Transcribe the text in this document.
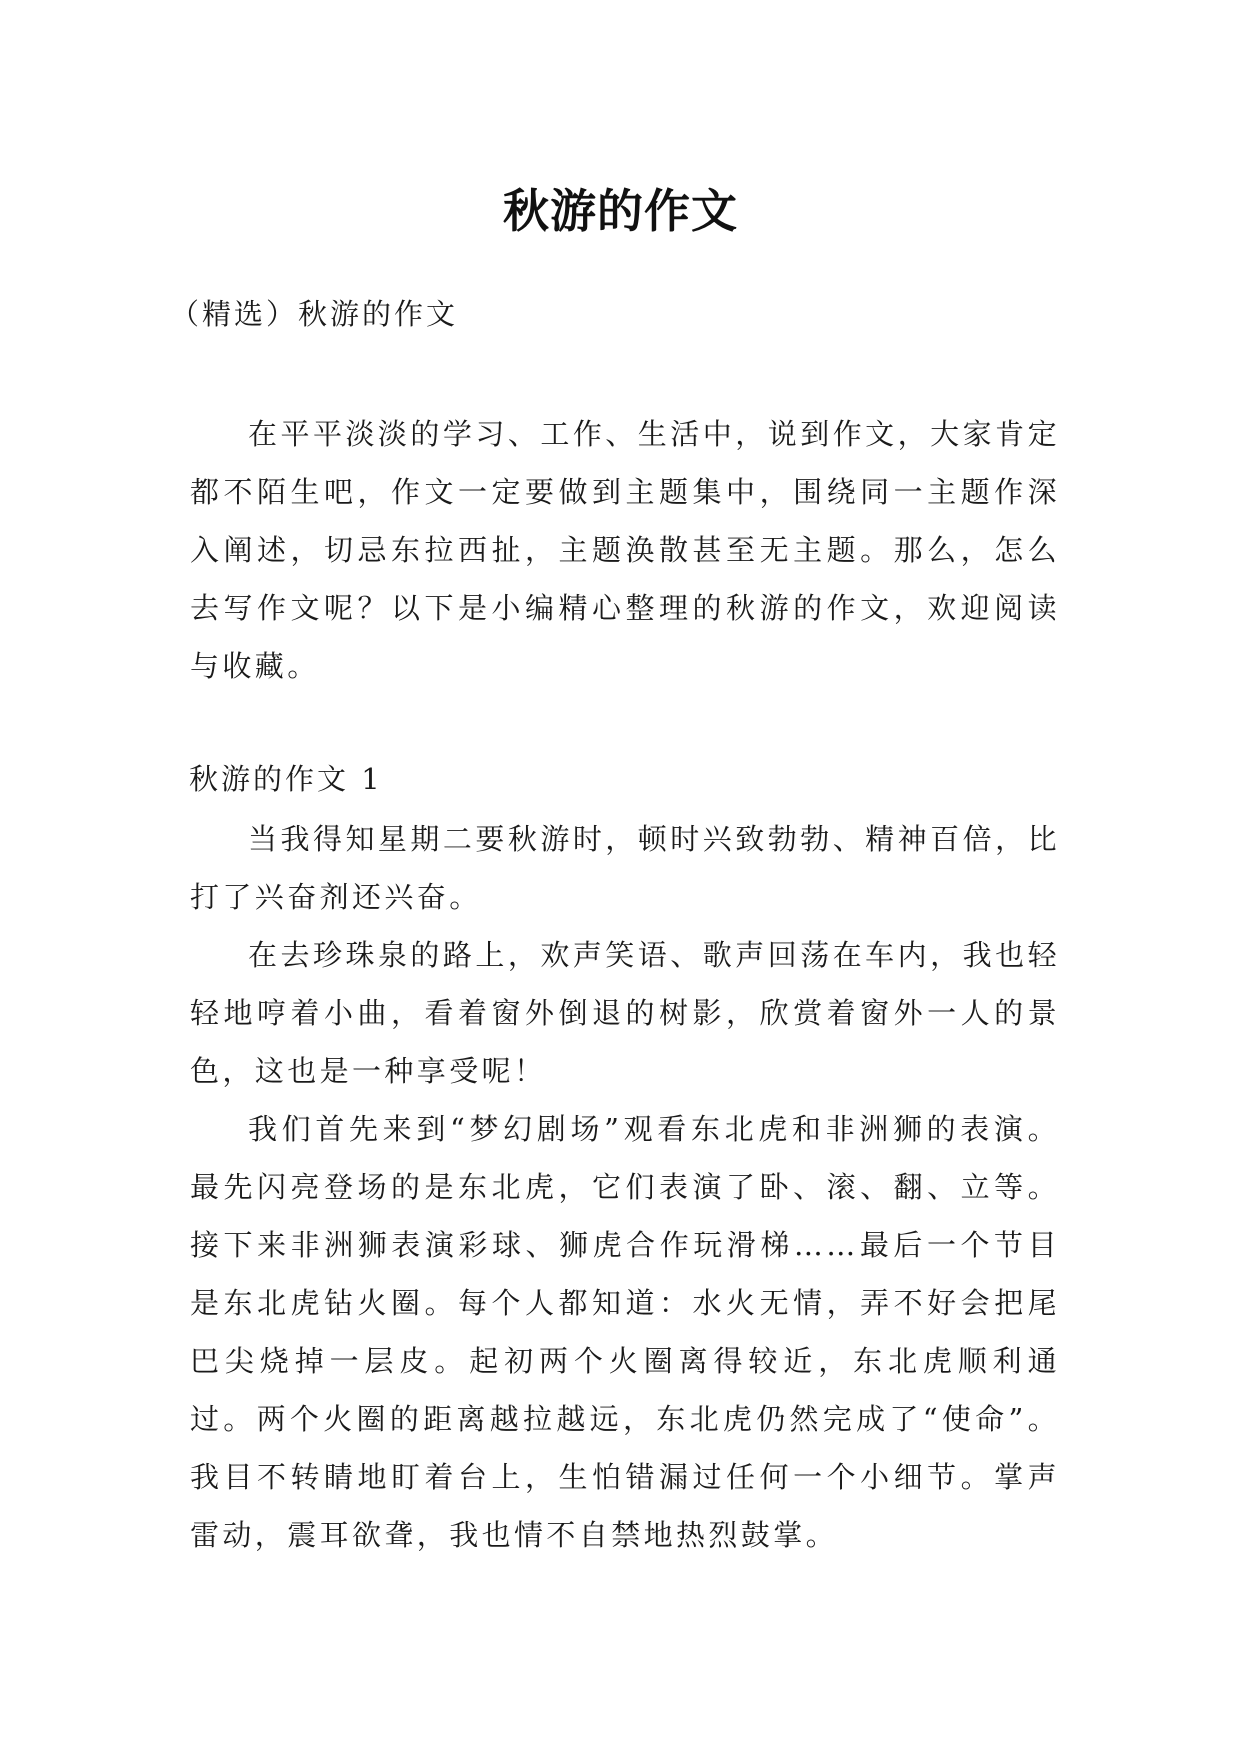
秋游的作文
（精选）秋游的作文

在平平淡淡的学习、工作、生活中，说到作文，大家肯定都不陌生吧，作文一定要做到主题集中，围绕同一主题作深入阐述，切忌东拉西扯，主题涣散甚至无主题。那么，怎么去写作文呢？以下是小编精心整理的秋游的作文，欢迎阅读与收藏。

秋游的作文 1

当我得知星期二要秋游时，顿时兴致勃勃、精神百倍，比打了兴奋剂还兴奋。

在去珍珠泉的路上，欢声笑语、歌声回荡在车内，我也轻轻地哼着小曲，看着窗外倒退的树影，欣赏着窗外一人的景色，这也是一种享受呢！

我们首先来到“梦幻剧场”观看东北虎和非洲狮的表演。最先闪亮登场的是东北虎，它们表演了卧、滚、翻、立等。接下来非洲狮表演彩球、狮虎合作玩滑梯……最后一个节目是东北虎钻火圈。每个人都知道：水火无情，弄不好会把尾巴尖烧掉一层皮。起初两个火圈离得较近，东北虎顺利通过。两个火圈的距离越拉越远，东北虎仍然完成了“使命”。我目不转睛地盯着台上，生怕错漏过任何一个小细节。掌声雷动，震耳欲聋，我也情不自禁地热烈鼓掌。
